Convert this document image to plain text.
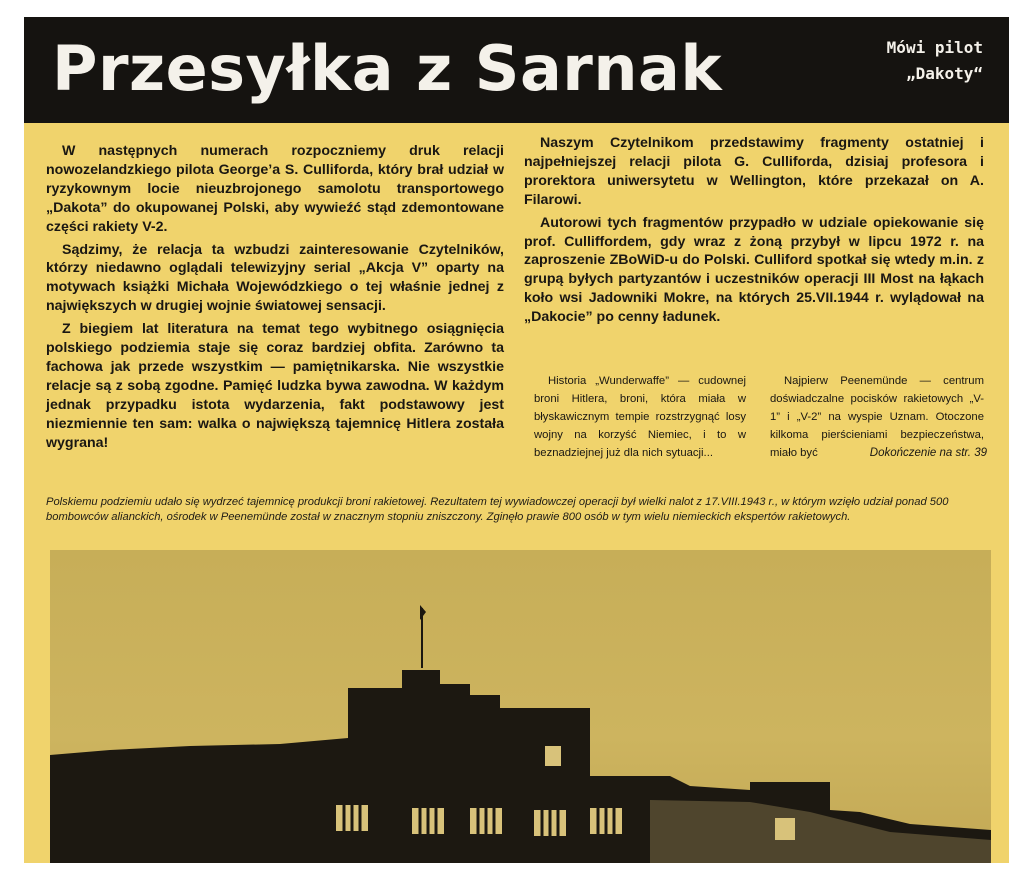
Przesyłka z Sarnak	Mówi pilot
„Dakoty“

W następnych numerach rozpoczniemy druk relacji nowozelandzkiego pilota George’a S. Culliforda, który brał udział w ryzykownym locie nieuzbrojonego samolotu transportowego „Dakota” do okupowanej Polski, aby wywieźć stąd zdemontowane części rakiety V-2.

Sądzimy, że relacja ta wzbudzi zainteresowanie Czytelników, którzy niedawno oglądali telewizyjny serial „Akcja V” oparty na motywach książki Michała Wojewódzkiego o tej właśnie jednej z największych w drugiej wojnie światowej sensacji.

Z biegiem lat literatura na temat tego wybitnego osiągnięcia polskiego podziemia staje się coraz bardziej obfita. Zarówno ta fachowa jak przede wszystkim — pamiętnikarska. Nie wszystkie relacje są z sobą zgodne. Pamięć ludzka bywa zawodna. W każdym jednak przypadku istota wydarzenia, fakt podstawowy jest niezmiennie ten sam: walka o największą tajemnicę Hitlera została wygrana!

Naszym Czytelnikom przedstawimy fragmenty ostatniej i najpełniejszej relacji pilota G. Culliforda, dzisiaj profesora i prorektora uniwersytetu w Wellington, które przekazał on A. Filarowi.

Autorowi tych fragmentów przypadło w udziale opiekowanie się prof. Culliffordem, gdy wraz z żoną przybył w lipcu 1972 r. na zaproszenie ZBoWiD-u do Polski. Culliford spotkał się wtedy m.in. z grupą byłych partyzantów i uczestników operacji III Most na łąkach koło wsi Jadowniki Mokre, na których 25.VII.1944 r. wylądował na „Dakocie” po cenny ładunek.

Historia „Wunderwaffe” — cudownej broni Hitlera, broni, która miała w błyskawicznym tempie rozstrzygnąć losy wojny na korzyść Niemiec, i to w beznadziejnej już dla nich sytuacji...

Najpierw Peenemünde — centrum doświadczalne pocisków rakietowych „V-1” i „V-2” na wyspie Uznam. Otoczone kilkoma pierścieniami bezpieczeństwa, miało być	Dokończenie na str. 39
Polskiemu podziemiu udało się wydrzeć tajemnicę produkcji broni rakietowej. Rezultatem tej wywiadowczej operacji był wielki nalot z 17.VIII.1943 r., w którym wzięło udział ponad 500 bombowców alianckich, ośrodek w Peenemünde został w znacznym stopniu zniszczony. Zginęło prawie 800 osób w tym wielu niemieckich ekspertów rakietowych.
